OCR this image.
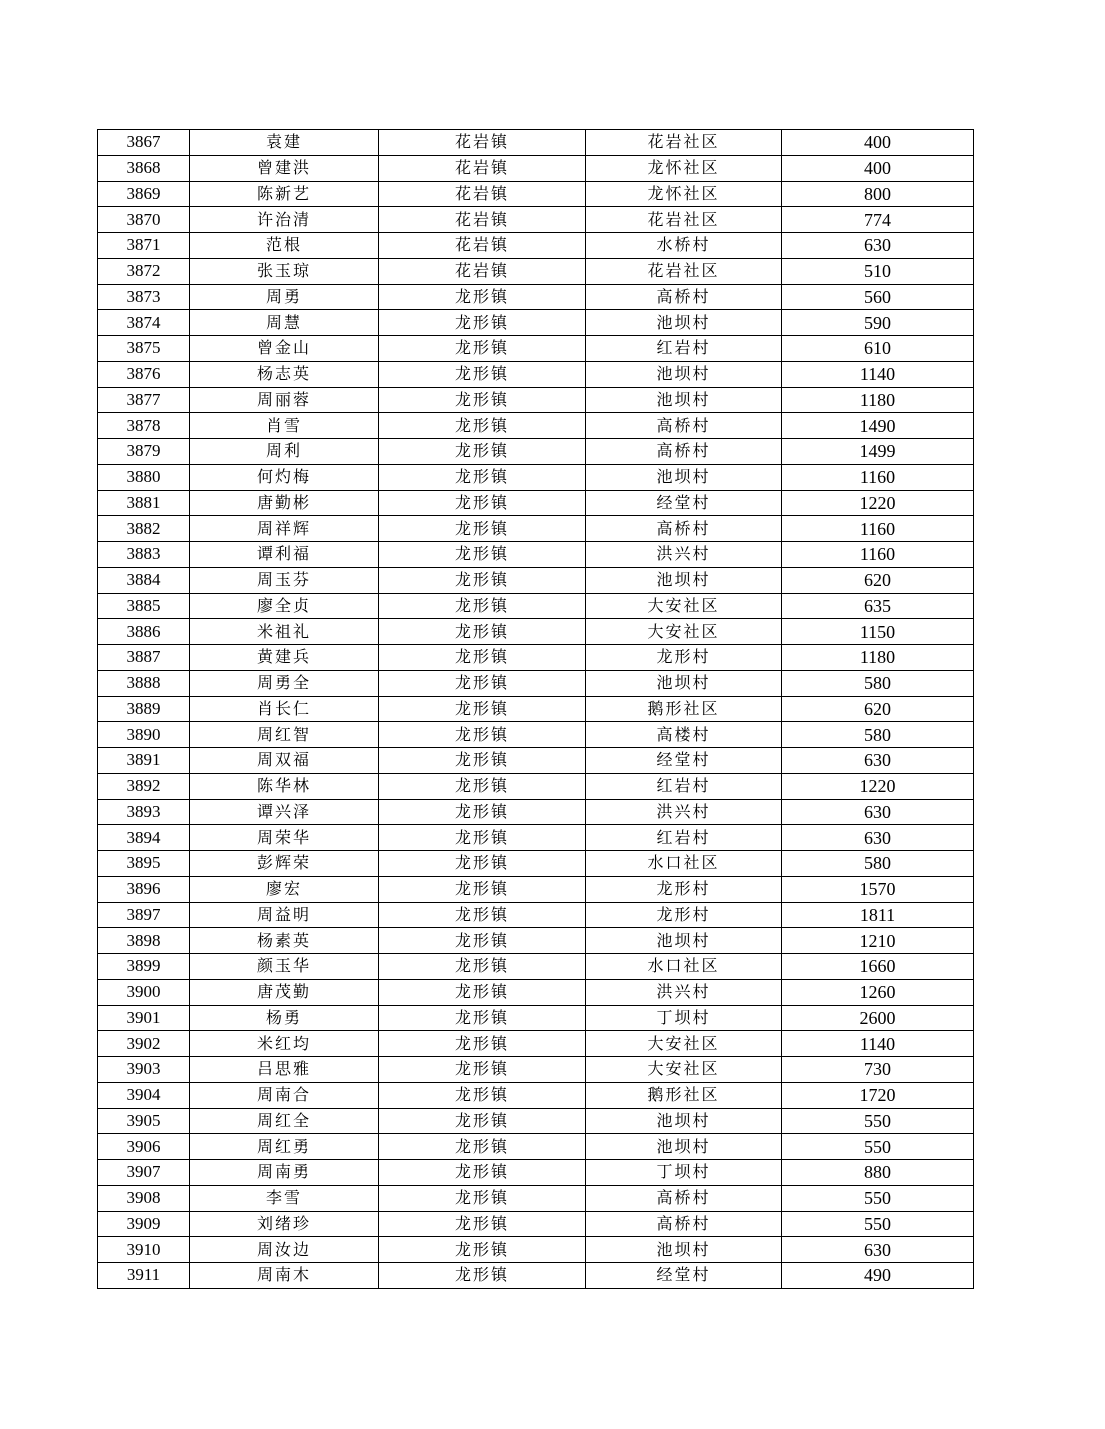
3867	袁建	花岩镇	花岩社区	400
3868	曾建洪	花岩镇	龙怀社区	400
3869	陈新艺	花岩镇	龙怀社区	800
3870	许治清	花岩镇	花岩社区	774
3871	范根	花岩镇	水桥村	630
3872	张玉琼	花岩镇	花岩社区	510
3873	周勇	龙形镇	高桥村	560
3874	周慧	龙形镇	池坝村	590
3875	曾金山	龙形镇	红岩村	610
3876	杨志英	龙形镇	池坝村	1140
3877	周丽蓉	龙形镇	池坝村	1180
3878	肖雪	龙形镇	高桥村	1490
3879	周利	龙形镇	高桥村	1499
3880	何灼梅	龙形镇	池坝村	1160
3881	唐勤彬	龙形镇	经堂村	1220
3882	周祥辉	龙形镇	高桥村	1160
3883	谭利福	龙形镇	洪兴村	1160
3884	周玉芬	龙形镇	池坝村	620
3885	廖全贞	龙形镇	大安社区	635
3886	米祖礼	龙形镇	大安社区	1150
3887	黄建兵	龙形镇	龙形村	1180
3888	周勇全	龙形镇	池坝村	580
3889	肖长仁	龙形镇	鹅形社区	620
3890	周红智	龙形镇	高楼村	580
3891	周双福	龙形镇	经堂村	630
3892	陈华林	龙形镇	红岩村	1220
3893	谭兴泽	龙形镇	洪兴村	630
3894	周荣华	龙形镇	红岩村	630
3895	彭辉荣	龙形镇	水口社区	580
3896	廖宏	龙形镇	龙形村	1570
3897	周益明	龙形镇	龙形村	1811
3898	杨素英	龙形镇	池坝村	1210
3899	颜玉华	龙形镇	水口社区	1660
3900	唐茂勤	龙形镇	洪兴村	1260
3901	杨勇	龙形镇	丁坝村	2600
3902	米红均	龙形镇	大安社区	1140
3903	吕思雅	龙形镇	大安社区	730
3904	周南合	龙形镇	鹅形社区	1720
3905	周红全	龙形镇	池坝村	550
3906	周红勇	龙形镇	池坝村	550
3907	周南勇	龙形镇	丁坝村	880
3908	李雪	龙形镇	高桥村	550
3909	刘绪珍	龙形镇	高桥村	550
3910	周汝边	龙形镇	池坝村	630
3911	周南木	龙形镇	经堂村	490
